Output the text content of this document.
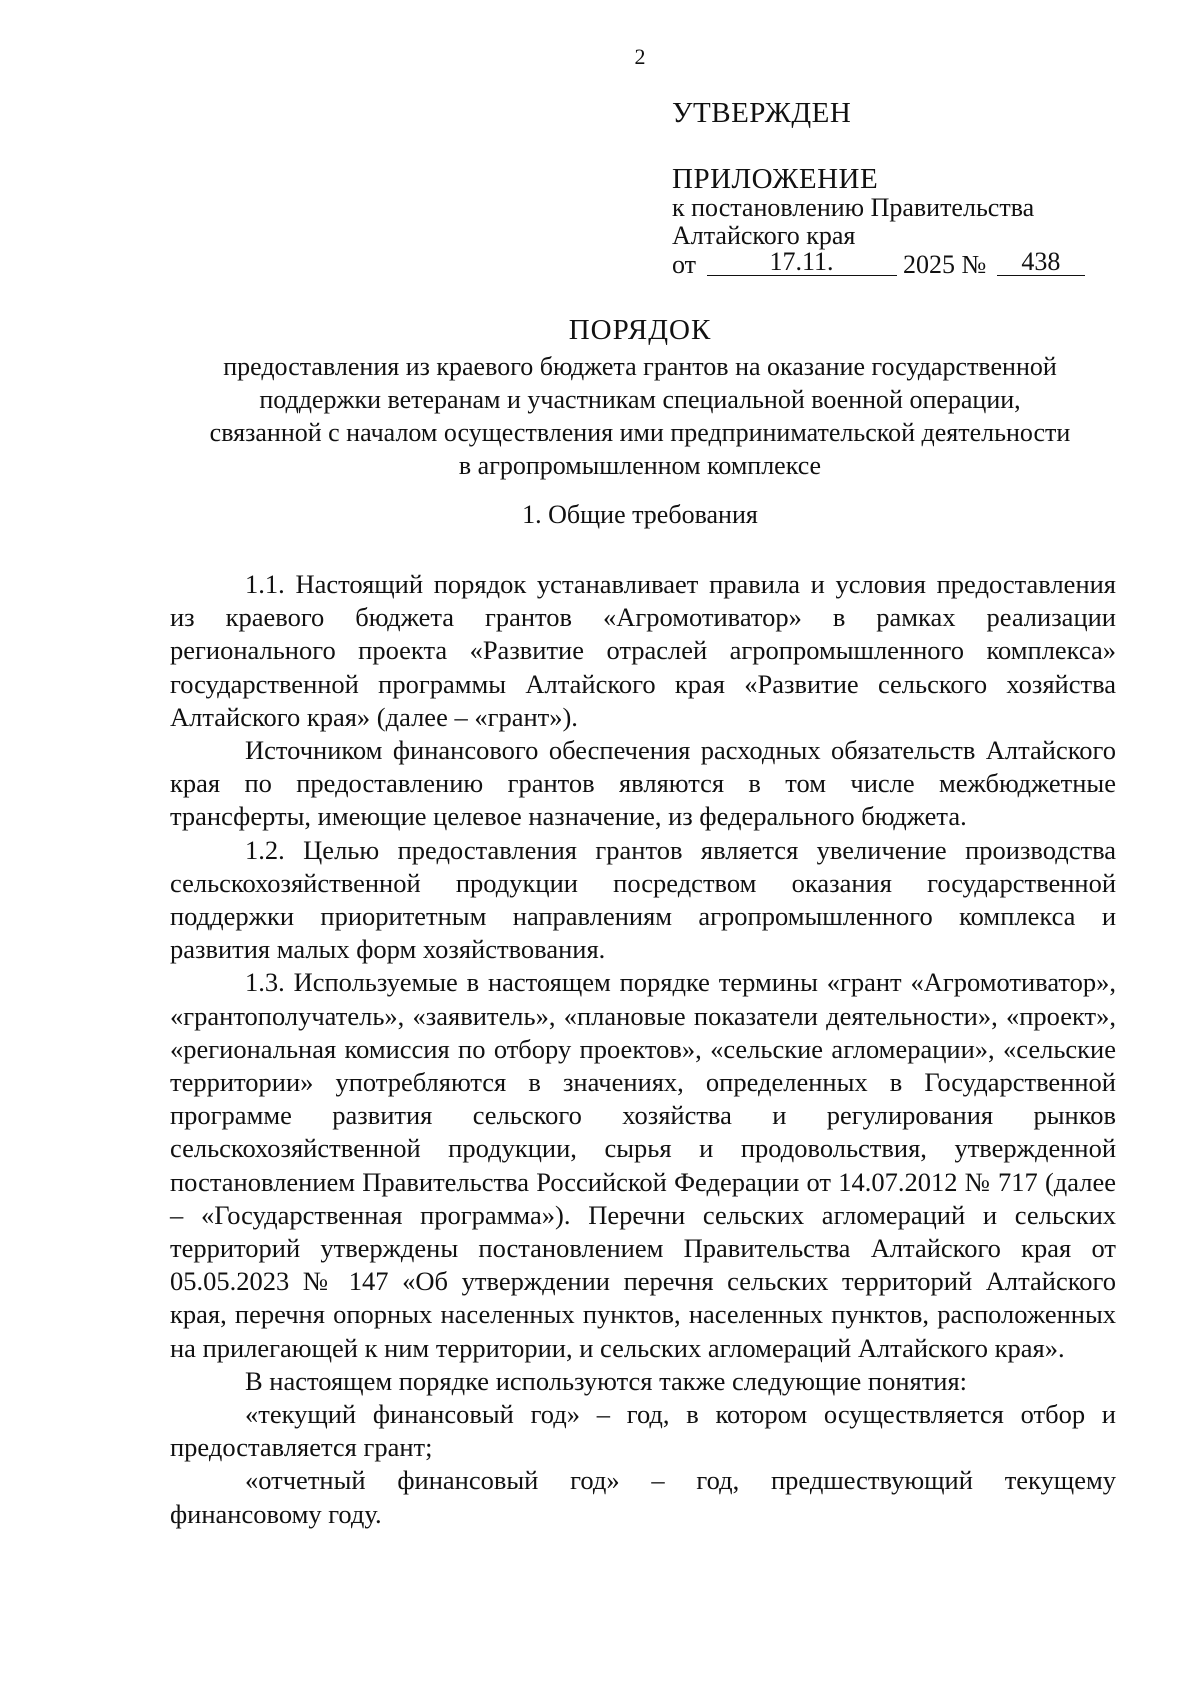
2
УТВЕРЖДЕН
ПРИЛОЖЕНИЕ
к постановлению Правительства
Алтайского края
от	17.11.	2025 № 438
ПОРЯДОК
предоставления из краевого бюджета грантов на оказание государственной
поддержки ветеранам и участникам специальной военной операции,
связанной с началом осуществления ими предпринимательской деятельности
в агропромышленном комплексе
1. Общие требования

1.1. Настоящий порядок устанавливает правила и условия предоставления из краевого бюджета грантов «Агромотиватор» в рамках реализации регионального проекта «Развитие отраслей агропромышленного комплекса» государственной программы Алтайского края «Развитие сельского хозяйства Алтайского края» (далее – «грант»).

Источником финансового обеспечения расходных обязательств Алтайского края по предоставлению грантов являются в том числе межбюджетные трансферты, имеющие целевое назначение, из федерального бюджета.

1.2. Целью предоставления грантов является увеличение производства сельскохозяйственной продукции посредством оказания государственной поддержки приоритетным направлениям агропромышленного комплекса и развития малых форм хозяйствования.

1.3. Используемые в настоящем порядке термины «грант «Агромотиватор», «грантополучатель», «заявитель», «плановые показатели деятельности», «проект», «региональная комиссия по отбору проектов», «сельские агломерации», «сельские территории» употребляются в значениях, определенных в Государственной программе развития сельского хозяйства и регулирования рынков сельскохозяйственной продукции, сырья и продовольствия, утвержденной постановлением Правительства Российской Федерации от 14.07.2012 № 717 (далее – «Государственная программа»). Перечни сельских агломераций и сельских территорий утверждены постановлением Правительства Алтайского края от 05.05.2023 № 147 «Об утверждении перечня сельских территорий Алтайского края, перечня опорных населенных пунктов, населенных пунктов, расположенных на прилегающей к ним территории, и сельских агломераций Алтайского края».

В настоящем порядке используются также следующие понятия:

«текущий финансовый год» – год, в котором осуществляется отбор и предоставляется грант;

«отчетный финансовый год» – год, предшествующий текущему финансовому году.
